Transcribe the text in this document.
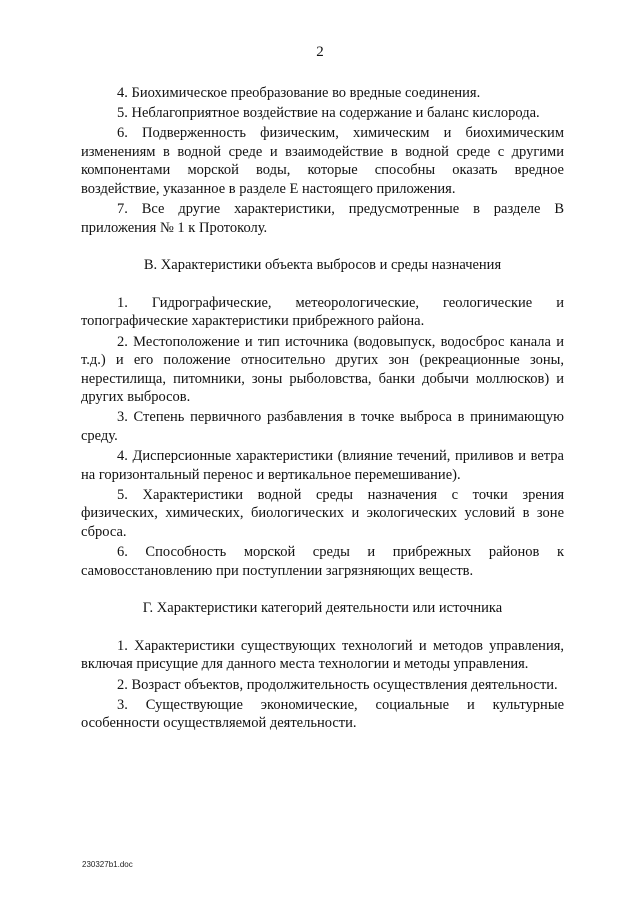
2

4. Биохимическое преобразование во вредные соединения.

5. Неблагоприятное воздействие на содержание и баланс кислорода.

6. Подверженность физическим, химическим и биохимическим изменениям в водной среде и взаимодействие в водной среде с другими компонентами морской воды, которые способны оказать вредное воздействие, указанное в разделе Е настоящего приложения.

7. Все другие характеристики, предусмотренные в разделе В приложения № 1 к Протоколу.

В. Характеристики объекта выбросов и среды назначения

1. Гидрографические, метеорологические, геологические и топографические характеристики прибрежного района.

2. Местоположение и тип источника (водовыпуск, водосброс канала и т.д.) и его положение относительно других зон (рекреационные зоны, нерестилища, питомники, зоны рыболовства, банки добычи моллюсков) и других выбросов.

3. Степень первичного разбавления в точке выброса в принимающую среду.

4. Дисперсионные характеристики (влияние течений, приливов и ветра на горизонтальный перенос и вертикальное перемешивание).

5. Характеристики водной среды назначения с точки зрения физических, химических, биологических и экологических условий в зоне сброса.

6. Способность морской среды и прибрежных районов к самовосстановлению при поступлении загрязняющих веществ.

Г. Характеристики категорий деятельности или источника

1. Характеристики существующих технологий и методов управления, включая присущие для данного места технологии и методы управления.

2. Возраст объектов, продолжительность осуществления деятельности.

3. Существующие экономические, социальные и культурные особенности осуществляемой деятельности.

230327b1.doc
